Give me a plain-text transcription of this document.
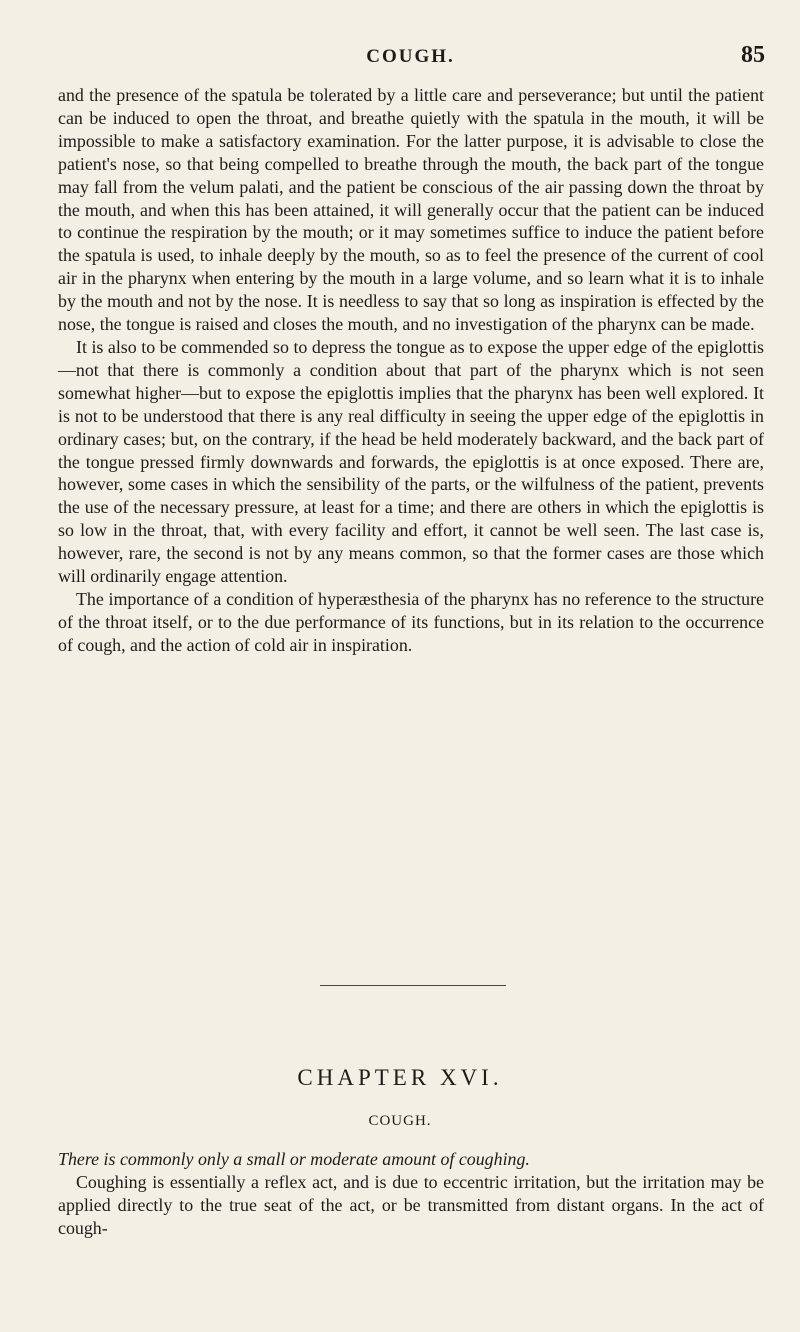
COUGH.	85

and the presence of the spatula be tolerated by a little care and perseverance; but until the patient can be induced to open the throat, and breathe quietly with the spatula in the mouth, it will be impossible to make a satisfactory examination. For the latter purpose, it is advisable to close the patient's nose, so that being compelled to breathe through the mouth, the back part of the tongue may fall from the velum palati, and the patient be conscious of the air passing down the throat by the mouth, and when this has been attained, it will generally occur that the patient can be induced to continue the respiration by the mouth; or it may sometimes suffice to induce the patient before the spatula is used, to inhale deeply by the mouth, so as to feel the presence of the current of cool air in the pharynx when entering by the mouth in a large volume, and so learn what it is to inhale by the mouth and not by the nose. It is needless to say that so long as inspiration is effected by the nose, the tongue is raised and closes the mouth, and no investigation of the pharynx can be made.

It is also to be commended so to depress the tongue as to expose the upper edge of the epiglottis—not that there is commonly a condition about that part of the pharynx which is not seen somewhat higher—but to expose the epiglottis implies that the pharynx has been well explored. It is not to be understood that there is any real difficulty in seeing the upper edge of the epiglottis in ordinary cases; but, on the contrary, if the head be held moderately backward, and the back part of the tongue pressed firmly downwards and forwards, the epiglottis is at once exposed. There are, however, some cases in which the sensibility of the parts, or the wilfulness of the patient, prevents the use of the necessary pressure, at least for a time; and there are others in which the epiglottis is so low in the throat, that, with every facility and effort, it cannot be well seen. The last case is, however, rare, the second is not by any means common, so that the former cases are those which will ordinarily engage attention.

The importance of a condition of hyperæsthesia of the pharynx has no reference to the structure of the throat itself, or to the due performance of its functions, but in its relation to the occurrence of cough, and the action of cold air in inspiration.

CHAPTER XVI.
COUGH.

There is commonly only a small or moderate amount of coughing.

Coughing is essentially a reflex act, and is due to eccentric irritation, but the irritation may be applied directly to the true seat of the act, or be transmitted from distant organs. In the act of cough-
